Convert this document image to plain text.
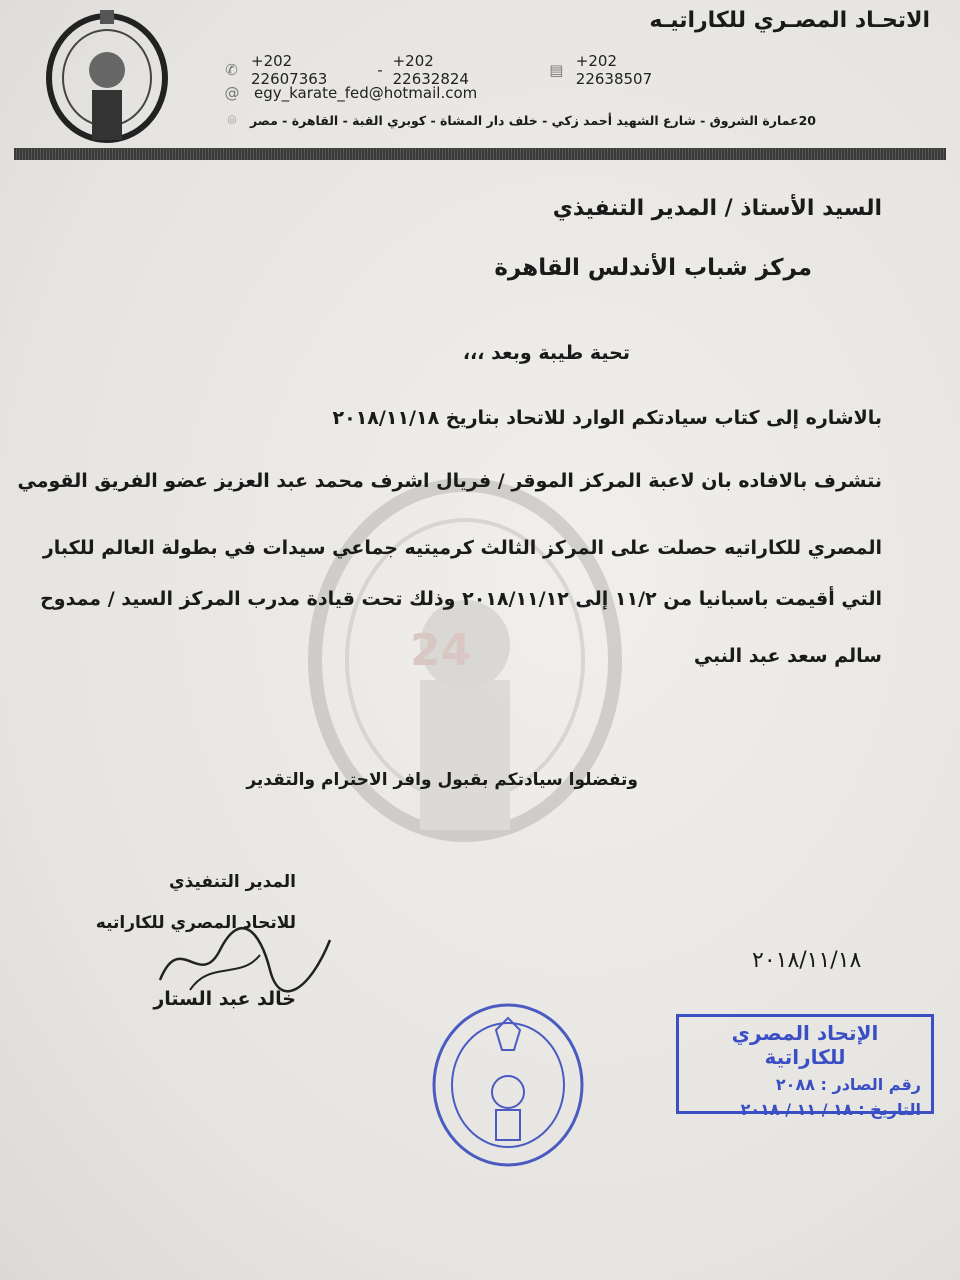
24
الاتحـاد المصـري للكاراتيـه
✆ +202 22607363	- +202 22632824	▤ +202 22638507
@ egy_karate_fed@hotmail.com
⌾	20عمارة الشروق - شارع الشهيد أحمد زكي - خلف دار المشاة - كوبري القبة - القاهرة - مصر
السيد الأستاذ / المدير التنفيذي
مركز شباب الأندلس القاهرة
تحية طيبة وبعد ،،،
بالاشاره إلى كتاب سيادتكم الوارد للاتحاد بتاريخ ٢٠١٨/١١/١٨
نتشرف بالافاده بان لاعبة المركز الموقر / فريال اشرف محمد عبد العزيز عضو الفريق القومي
المصري للكاراتيه حصلت على المركز الثالث كرميتيه جماعي سيدات في بطولة العالم للكبار
التي أقيمت باسبانيا من ١١/٢ إلى ٢٠١٨/١١/١٢ وذلك تحت قيادة مدرب المركز السيد / ممدوح
سالم سعد عبد النبي
وتفضلوا سيادتكم بقبول وافر الاحترام والتقدير
المدير التنفيذي
للاتحاد المصري للكاراتيه
خالد عبد الستار
٢٠١٨/١١/١٨
الإتحاد المصري للكاراتية
رقم الصادر : ٢٠٨٨
التاريخ : ١٨ / ١١ / ٢٠١٨
